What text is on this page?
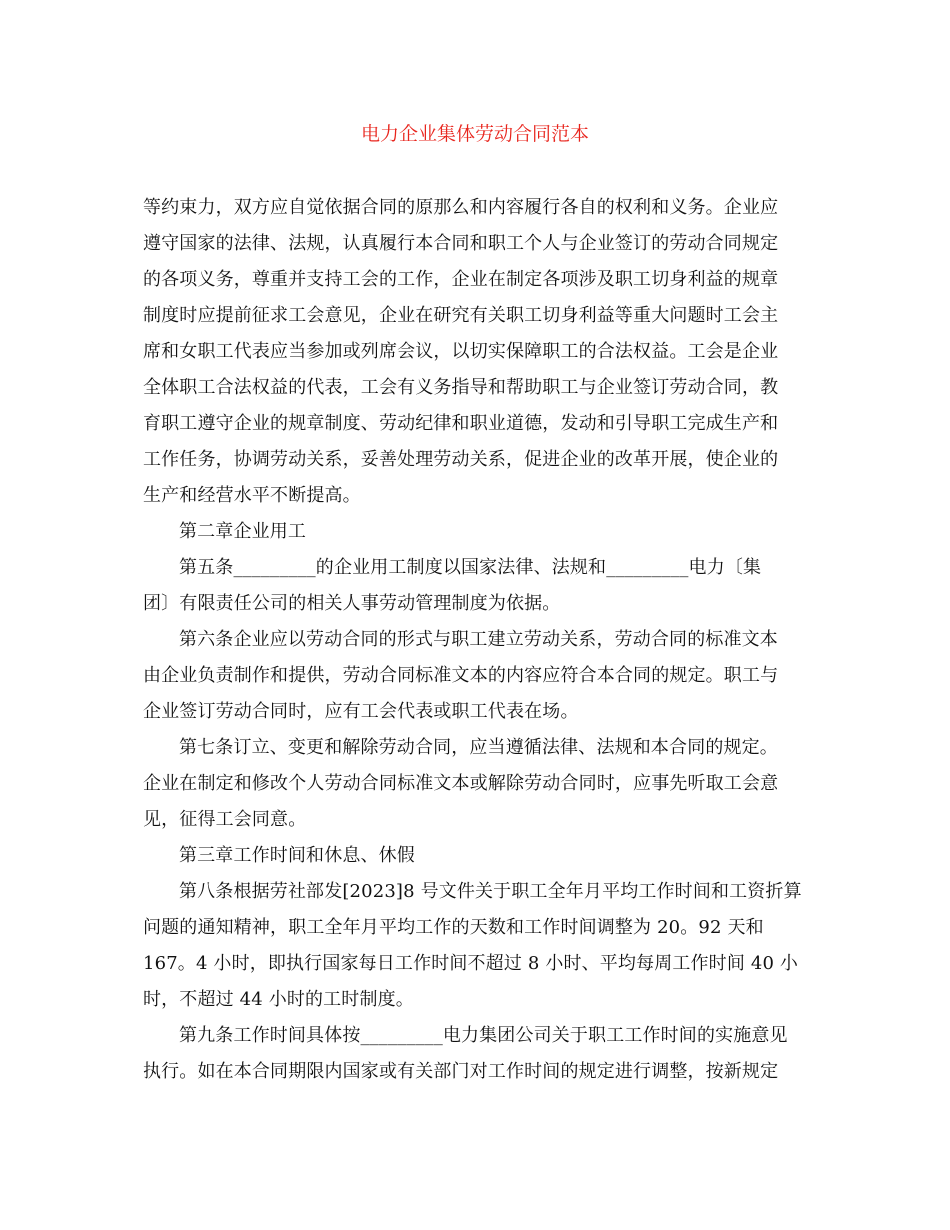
电力企业集体劳动合同范本

等约束力，双方应自觉依据合同的原那么和内容履行各自的权利和义务。企业应
遵守国家的法律、法规，认真履行本合同和职工个人与企业签订的劳动合同规定
的各项义务，尊重并支持工会的工作，企业在制定各项涉及职工切身利益的规章
制度时应提前征求工会意见，企业在研究有关职工切身利益等重大问题时工会主
席和女职工代表应当参加或列席会议，以切实保障职工的合法权益。工会是企业
全体职工合法权益的代表，工会有义务指导和帮助职工与企业签订劳动合同，教
育职工遵守企业的规章制度、劳动纪律和职业道德，发动和引导职工完成生产和
工作任务，协调劳动关系，妥善处理劳动关系，促进企业的改革开展，使企业的
生产和经营水平不断提高。

第二章企业用工

第五条_________的企业用工制度以国家法律、法规和_________电力〔集
团〕有限责任公司的相关人事劳动管理制度为依据。

第六条企业应以劳动合同的形式与职工建立劳动关系，劳动合同的标准文本
由企业负责制作和提供，劳动合同标准文本的内容应符合本合同的规定。职工与
企业签订劳动合同时，应有工会代表或职工代表在场。

第七条订立、变更和解除劳动合同，应当遵循法律、法规和本合同的规定。
企业在制定和修改个人劳动合同标准文本或解除劳动合同时，应事先听取工会意
见，征得工会同意。

第三章工作时间和休息、休假

第八条根据劳社部发[2023]8 号文件关于职工全年月平均工作时间和工资折算
问题的通知精神，职工全年月平均工作的天数和工作时间调整为 20。92 天和
167。4 小时，即执行国家每日工作时间不超过 8 小时、平均每周工作时间 40 小
时，不超过 44 小时的工时制度。

第九条工作时间具体按_________电力集团公司关于职工工作时间的实施意见
执行。如在本合同期限内国家或有关部门对工作时间的规定进行调整，按新规定
